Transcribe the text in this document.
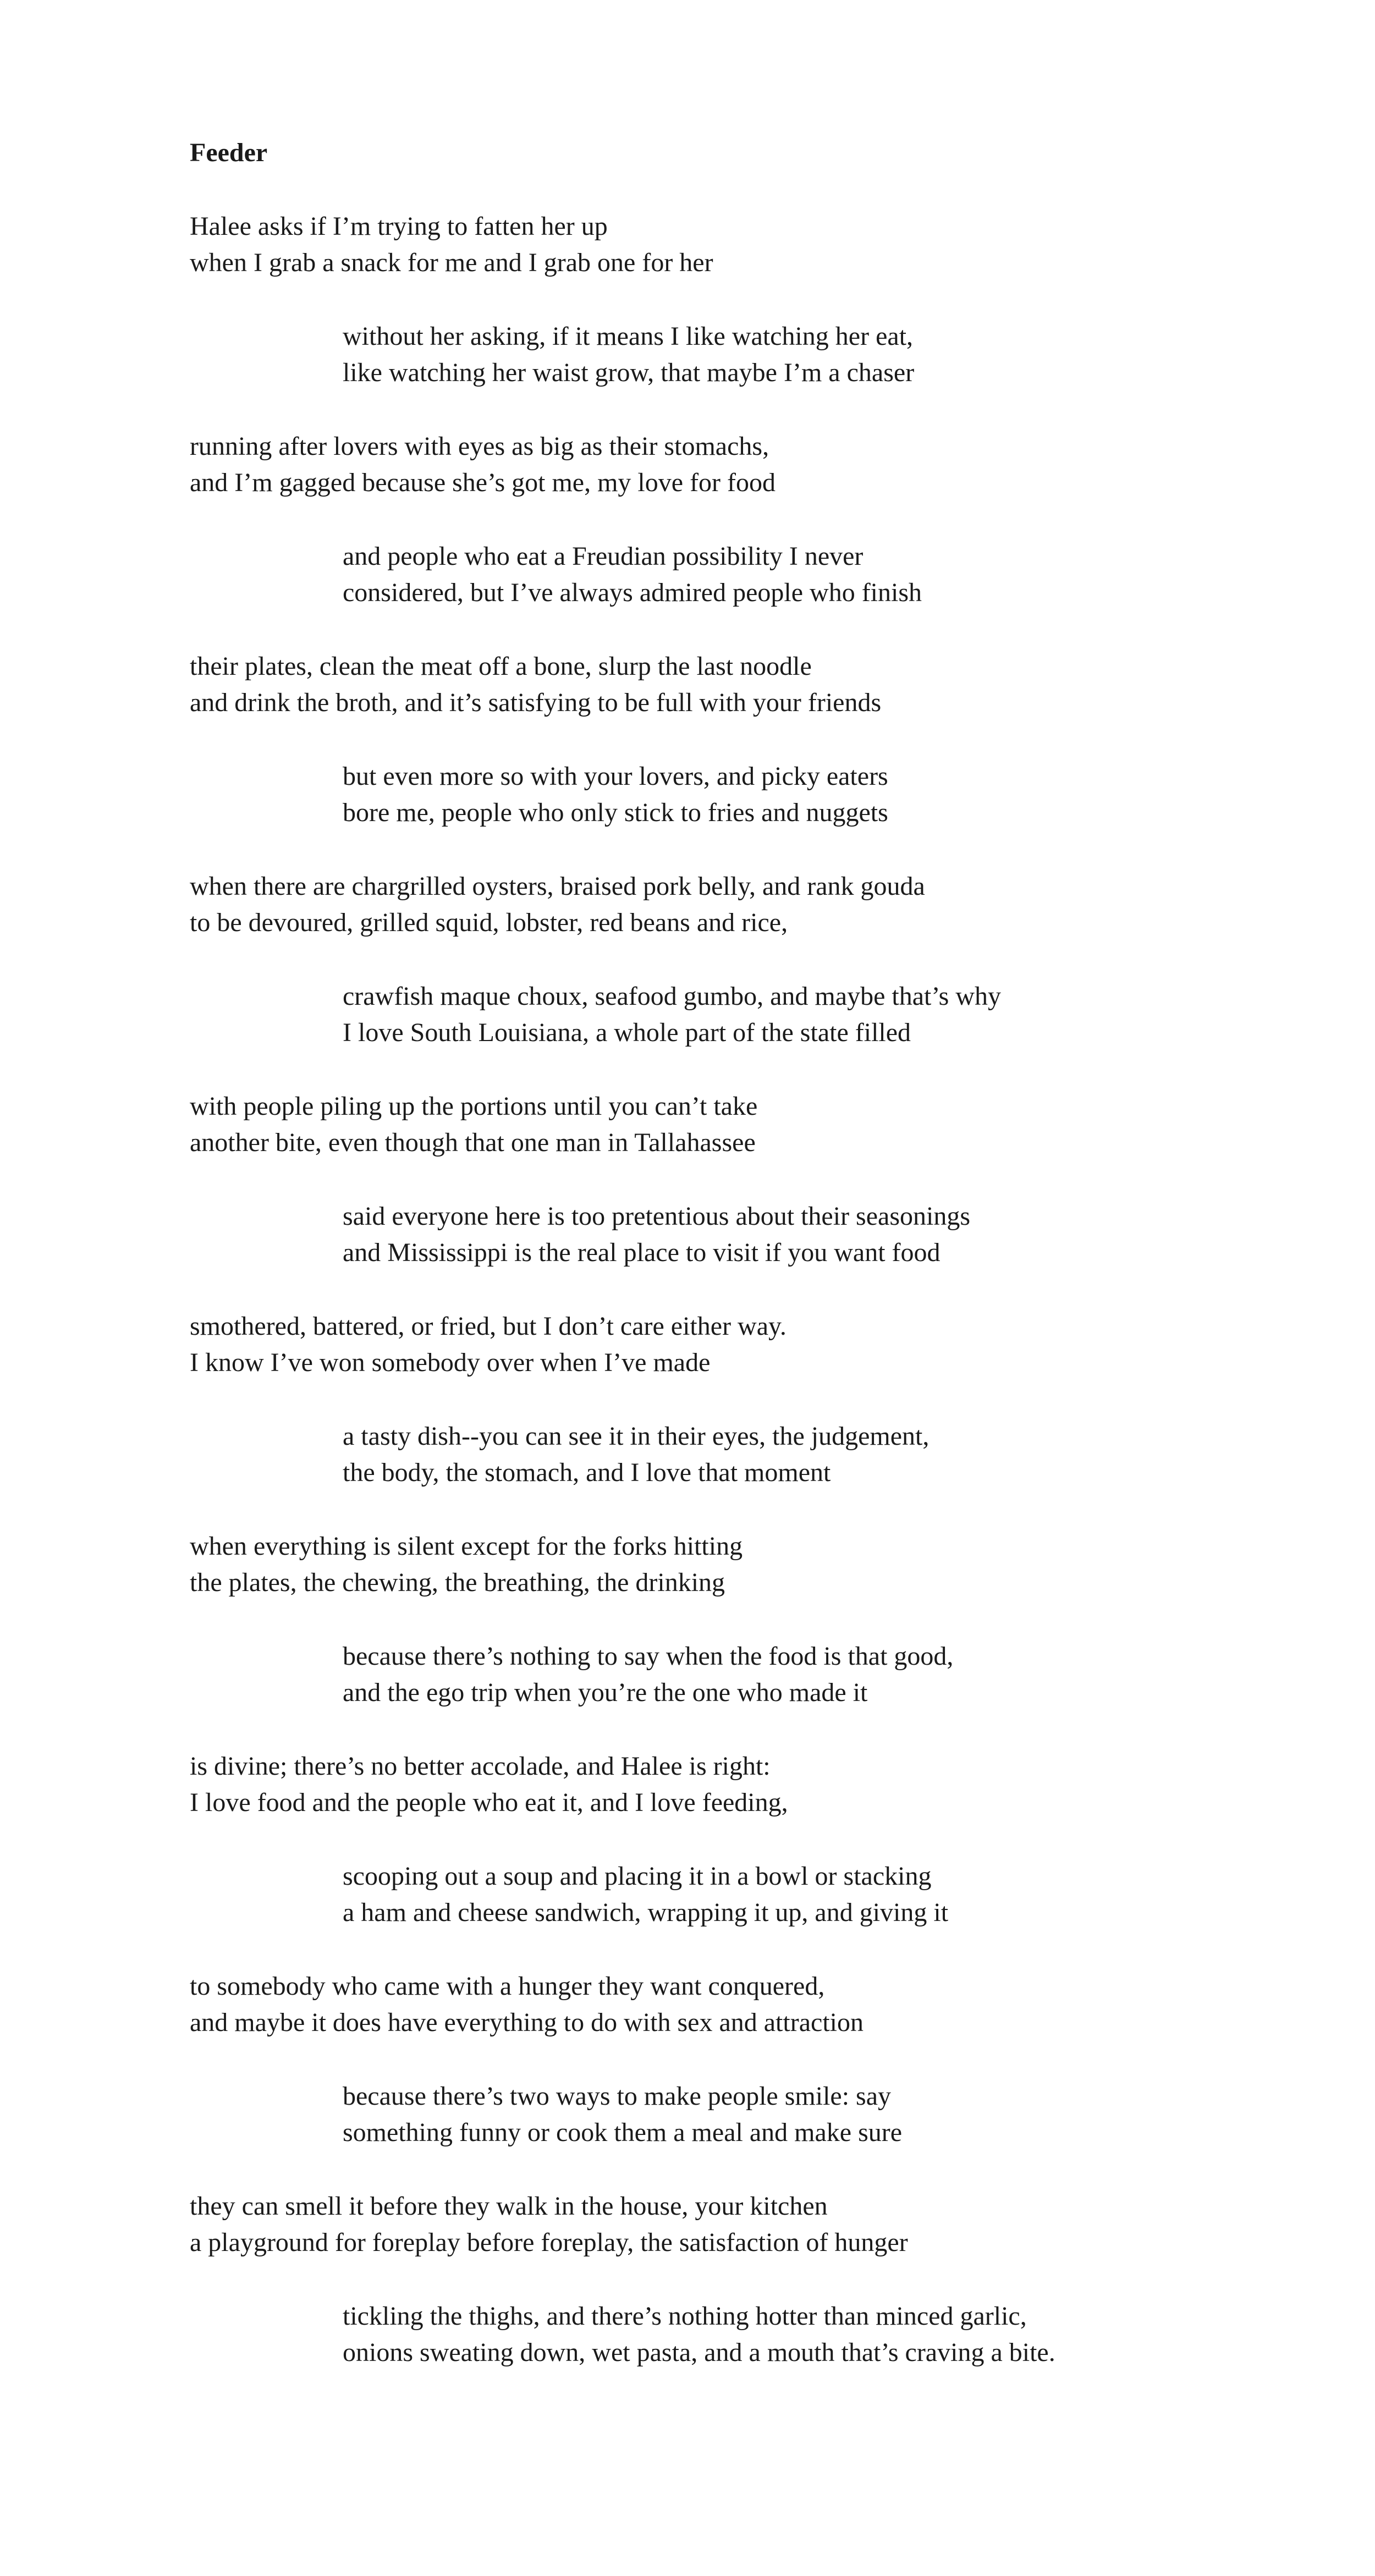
Feeder
Halee asks if I’m trying to fatten her up
when I grab a snack for me and I grab one for her
without her asking, if it means I like watching her eat,
like watching her waist grow, that maybe I’m a chaser
running after lovers with eyes as big as their stomachs,
and I’m gagged because she’s got me, my love for food
and people who eat a Freudian possibility I never
considered, but I’ve always admired people who finish
their plates, clean the meat off a bone, slurp the last noodle
and drink the broth, and it’s satisfying to be full with your friends
but even more so with your lovers, and picky eaters
bore me, people who only stick to fries and nuggets
when there are chargrilled oysters, braised pork belly, and rank gouda
to be devoured, grilled squid, lobster, red beans and rice,
crawfish maque choux, seafood gumbo, and maybe that’s why
I love South Louisiana, a whole part of the state filled
with people piling up the portions until you can’t take
another bite, even though that one man in Tallahassee
said everyone here is too pretentious about their seasonings
and Mississippi is the real place to visit if you want food
smothered, battered, or fried, but I don’t care either way.
I know I’ve won somebody over when I’ve made
a tasty dish--you can see it in their eyes, the judgement,
the body, the stomach, and I love that moment
when everything is silent except for the forks hitting
the plates, the chewing, the breathing, the drinking
because there’s nothing to say when the food is that good,
and the ego trip when you’re the one who made it
is divine; there’s no better accolade, and Halee is right:
I love food and the people who eat it, and I love feeding,
scooping out a soup and placing it in a bowl or stacking
a ham and cheese sandwich, wrapping it up, and giving it
to somebody who came with a hunger they want conquered,
and maybe it does have everything to do with sex and attraction
because there’s two ways to make people smile: say
something funny or cook them a meal and make sure
they can smell it before they walk in the house, your kitchen
a playground for foreplay before foreplay, the satisfaction of hunger
tickling the thighs, and there’s nothing hotter than minced garlic,
onions sweating down, wet pasta, and a mouth that’s craving a bite.
